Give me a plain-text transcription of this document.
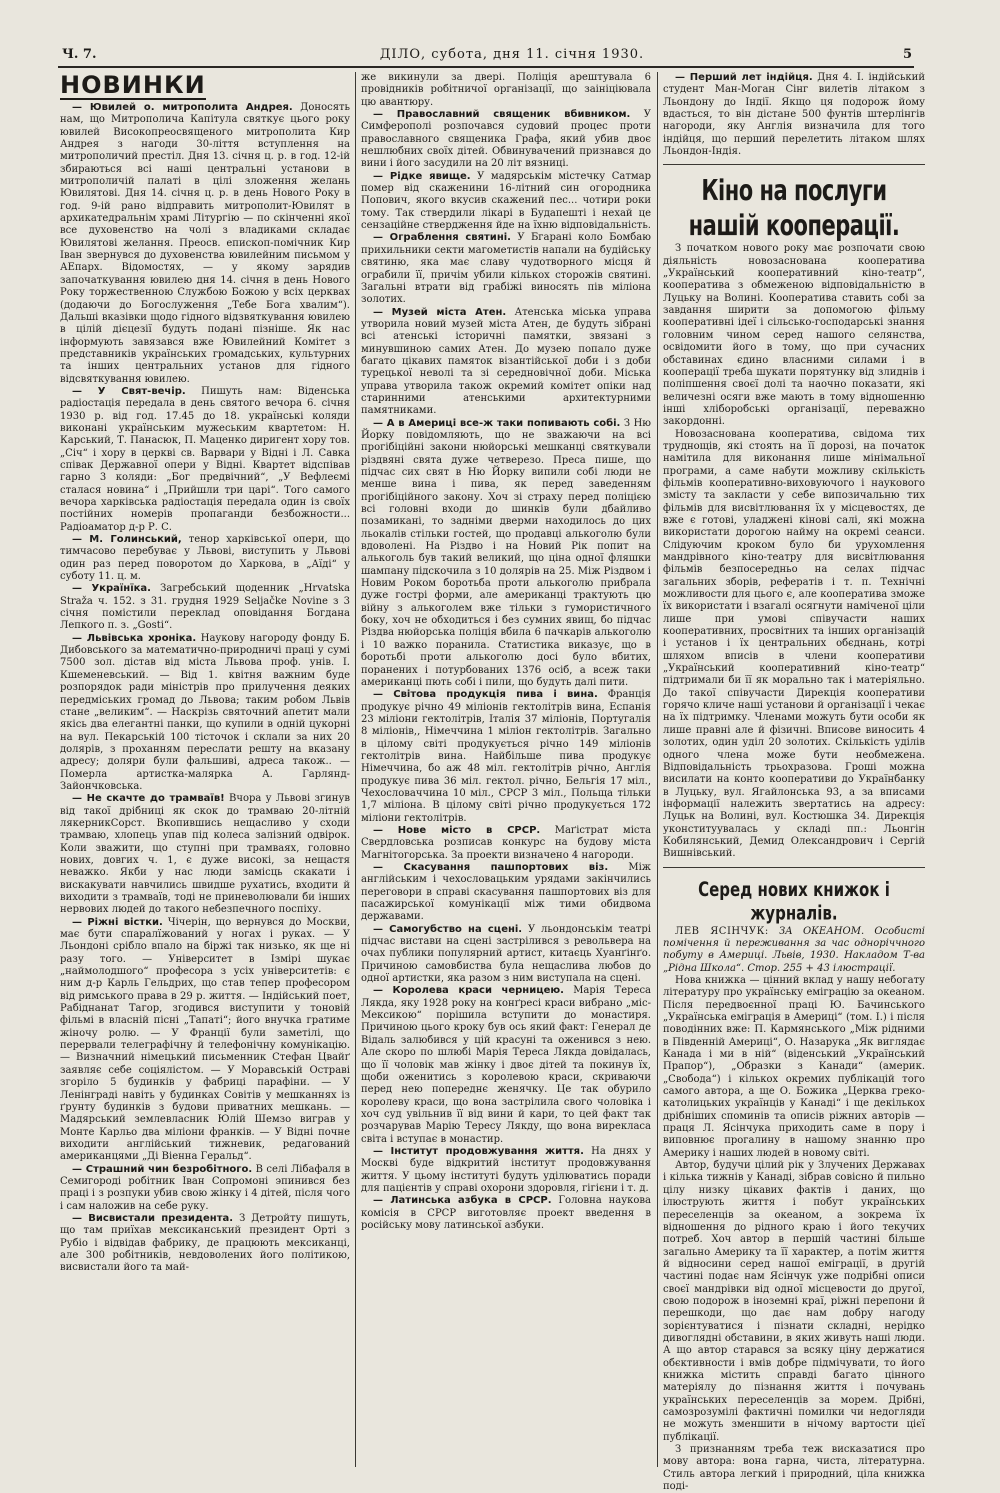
Ч. 7.	ДІЛО, субота, дня 11. січня 1930.	5
НОВИНКИ

— Ювилей о. митрополита Андрея. Доносять нам, що Митрополича Капітула святкує цього року ювилей Високопреосвященого митрополита Кир Андрея з нагоди 30-ліття вступлення на митрополичий престіл. Дня 13. січня ц. р. в год. 12-ій збираються всі наші центральні установи в митрополичій палаті в цілі зложення желань Ювилятові. Дня 14. січня ц. р. в день Нового Року в год. 9-ій рано відправить митрополит-Ювилят в архикатедральнім храмі Літургію — по скінченні якої все духовенство на чолі з владиками складає Ювилятові желання. Преосв. епископ-помічник Кир Іван звернувся до духовенства ювилейним письмом у АЕпарх. Відомостях, — у якому зарядив започаткування ювилею дня 14. січня в день Нового Року торжественною Службою Божою у всіх церквах (додаючи до Богослуження „Тебе Бога хвалим“). Дальші вказівки щодо гідного відзвяткування ювилею в цілій дієцезії будуть подані пізніше. Як нас інформують завязався вже Ювилейний Комітет з представників українських громадських, культурних та інших центральних установ для гідного відсвяткування ювилею.

— У Свят-вечір. Пишуть нам: Віденська радіостація передала в день святого вечора 6. січня 1930 р. від год. 17.45 до 18. українські коляди виконані українським мужеським квартетом: Н. Карський, Т. Панасюк, П. Маценко диригент хору тов. „Січ“ і хору в церкві св. Варвари у Відні і Л. Савка співак Державної опери у Відні. Квартет відспівав гарно 3 коляди: „Бог предвічний“, „У Вефлеємі сталася новина“ і „Прийшли три царі“. Того самого вечора харківська радіостація передала один із своїх постійних номерів пропаганди безбожности... Радіоаматор д-р Р. С.

— М. Голинський, тенор харківської опери, що тимчасово перебуває у Львові, виступить у Львові один раз перед поворотом до Харкова, в „Аїді“ у суботу 11. ц. м.

— Українїка. Загребський щоденник „Hrvatska Straža ч. 152. з 31. грудня 1929 Seljačke Novine з 3 січня помістили переклад оповідання Богдана Лепкого п. з. „Gosti“.

— Львівська хроніка. Наукову нагороду фонду Б. Дибовського за математично-природничі праці у сумі 7500 зол. дістав від міста Львова проф. унів. І. Кшеменевський. — Від 1. квітня важним буде розпорядок ради міністрів про прилучення деяких передміських громад до Львова; таким робом Львів стане „великим“. — Наскрізь святочний апетит мали якісь два елегантні панки, що купили в одній цукорні на вул. Пекарській 100 тісточок і склали за них 20 долярів, з проханням переслати решту на вказану адресу; доляри були фальшиві, адреса також.. — Померла артистка-малярка А. Гарлянд-Зайончковська.

— Не скачте до трамваїв! Вчора у Львові згинув від такої дрібниці як скок до трамваю 20-літній лякерникСорст. Вкопившись нещасливо у сходи трамваю, хлопець упав під колеса залізний одвірок. Коли зважити, що ступні при трамваях, головно нових, довгих ч. 1, є дуже високі, за нещастя неважко. Якби у нас люди замісць скакати і вискакувати навчились швидше рухатись, входити й виходити з трамваїв, тоді не приневолювали би інших нервових людей до такого небезпечного поспіху.

— Ріжні вістки. Чічерін, що вернувся до Москви, має бути спаралїжований у ногах і руках. — У Льондоні срібло впало на біржі так низько, як ще ні разу того. — Університет в Ізмірі шукає „наймолодшого“ професора з усіх університетів: є ним д-р Карль Гельдрих, що став тепер професором від римського права в 29 р. життя. — Індійський поет, Рабіднанат Тагор, згодився виступити у тоновій фільмі в власній пісні „Тапаті“; його внучка гратиме жіночу ролю. — У Франції були заметілі, що перервали телеграфічну й телефонічну комунікацію. — Визначний німецький письменник Стефан Цвайґ заявляє себе соціялістом. — У Моравській Остраві згоріло 5 будинків у фабриці парафіни. — У Ленінграді навіть у будинках Совітів у мешканнях із ґрунту будинків з будови приватних мешкань. — Мадярський землевласник Юлій Шемзо виграв у Монте Карльо два міліони франків. — У Відні почне виходити англійський тижневик, редагований американцями „Ді Віенна Геральд“.

— Страшний чин безробітного. В селі Лібафаля в Семигороді робітник Іван Сопромоні эпинився без праці і з розпуки убив свою жінку і 4 дітей, після чого і сам наложив на себе руку.

— Висвистали президента. З Детройту пишуть, що там приїхав мексиканський президент Орті з Рубіо і відвідав фабрику, де працюють мексиканці, але 300 робітників, невдоволених його політикою, висвистали його та май-

же викинули за двері. Поліція арештувала 6 провідників робітничої організації, що заініціювала цю авантюру.

— Православний священик вбивником. У Симферополі розпочався судовий процес проти православного священика Графа, який убив двоє нешлюбних своїх дітей. Обвинувачений признався до вини і його засудили на 20 літ вязниці.

— Рідке явище. У мадярськім містечку Сатмар помер від скаженини 16-літний син огородника Попович, якого вкусив скажений пес... чотири роки тому. Так ствердили лікарі в Будапешті і нехай це сензаційне ствердження йде на їхню відповідальність.

— Ограблення святині. У Бгарані коло Бомбаю прихильники секти магометистів напали на будійську святиню, яка має славу чудотворного місця й ограбили її, причім убили кількох сторожів святині. Загальні втрати від грабіжі виносять пів міліона золотих.

— Музей міста Атен. Атенська міська управа утворила новий музей міста Атен, де будуть зібрані всі атенські історичні памятки, звязані з минувшиною самих Атен. До музею попало дуже багато цікавих памяток візантійської доби і з доби турецької неволі та зі середновічної доби. Міська управа утворила також окремий комітет опіки над старинними атенськими архитектурними памятниками.

— А в Америці все-ж таки попивають собі. З Ню Йорку повідомляють, що не зважаючи на всі прогібіційні закони нюйорські мешканці святкували різдвяні свята дуже четверезо. Преса пише, що підчас сих свят в Ню Йорку випили собі люди не менше вина і пива, як перед заведенням прогібіційного закону. Хоч зі страху перед поліцією всі головні входи до шинків були дбайливо позамикані, то задніми дверми находилось до цих льокалів стільки гостей, що продавці алькоголю були вдоволені. На Різдво і на Новий Рік попит на алькоголь був такий великий, що ціна одної фляшки шампану підскочила з 10 долярів на 25. Між Різдвом і Новим Роком боротьба проти алькоголю прибрала дуже гострі форми, але американці трактують цю війну з алькоголем вже тільки з гумористичного боку, хоч не обходиться і без сумних явищ, бо підчас Різдва нюйорська поліція вбила 6 пачкарів алькоголю і 10 важко поранила. Статистика виказує, що в боротьбі проти алькоголю досі було вбитих, поранених і потурбованих 1376 осіб, а всеж таки американці пють собі і пили, що будуть далі пити.

— Світова продукція пива і вина. Франція продукує річно 49 міліонів гектолітрів вина, Еспанія 23 міліони гектолітрів, Італія 37 міліонів, Португалія 8 міліонів,, Німеччина 1 міліон гектолітрів. Загально в цілому світі продукується річно 149 міліонів гектолітрів вина. Найбільше пива продукує Німеччина, бо аж 48 міл. гектолітрів річно, Англія продукує пива 36 міл. гектол. річно, Бельгія 17 міл., Чехословаччина 10 міл., СРСР 3 міл., Польща тільки 1,7 міліона. В цілому світі річно продукується 172 міліони гектолітрів.

— Нове місто в СРСР. Маґістрат міста Свердловська розписав конкурс на будову міста Магнітогорська. За проекти визначено 4 нагороди.

— Скасування пашпортових віз. Між англійським і чехословацьким урядами закінчились переговори в справі скасування пашпортових віз для пасажирської комунікації між тими обидвома державами.

— Самогубство на сцені. У льондонськім театрі підчас вистави на сцені застрілився з револьвера на очах публики популярний артист, китаєць Хуанґінґо. Причиною самовбиства була нещаслива любов до одної артистки, яка разом з ним виступала на сцені.

— Королева краси черницею. Марія Тереса Лякда, яку 1928 року на конґресі краси вибрано „міс-Мексикою“ порішила вступити до монастиря. Причиною цього кроку був ось який факт: Генерал де Відаль залюбився у цій красуні та оженився з нею. Але скоро по шлюбі Марія Тереса Лякда довідалась, що її чоловік мав жінку і двоє дітей та покинув їх, щоби оженитись з королевою краси, скриваючи перед нею попереднє женячку. Це так обурило королеву краси, що вона застрілила свого чоловіка і хоч суд увільнив її від вини й кари, то цей факт так розчарував Марію Тересу Лякду, що вона вирекласа світа і вступає в монастир.

— Інститут продовжування життя. На днях у Москві буде відкритий інститут продовжування життя. У цьому інституті будуть уділюватись поради для пацієнтів у справі охорони здоровля, гігієни і т. д.

— Латинська азбука в СРСР. Головна наукова комісія в СРСР виготовляє проект введення в російську мову латинської азбуки.

— Перший лет індійця. Дня 4. І. індійський студент Ман-Моган Сінг вилетів літаком з Льондону до Індії. Якщо ця подорож йому вдасться, то він дістане 500 фунтів штерлінгів нагороди, яку Англія визначила для того індійця, що перший перелетить літаком шлях Льондон-Індія.

Кіно на послуги нашій кооперації.

З початком нового року має розпочати свою діяльність новозаснована кооператива „Український кооперативний кіно-театр“, кооператива з обмеженою відповідальністю в Луцьку на Волині. Кооператива ставить собі за завдання ширити за допомогою фільму кооперативні ідеї і сільсько-господарські знання головним чином серед нашого селянства, освідомити його в тому, що при сучасних обставинах єдино власними силами і в кооперації треба шукати порятунку від злиднів і поліпшення своєї долі та наочно показати, які величезні осяги вже мають в тому відношенню інші хліборобські організації, переважно закордонні.

Новозаснована кооператива, свідома тих труднощів, які стоять на її дорозі, на початок намітила для виконання лише мінімальної програми, а саме набути можливу скількість фільмів кооперативно-виховуючого і наукового змісту та закласти у себе випозичальню тих фільмів для висвітлювання їх у місцевостях, де вже є готові, уладжені кінові салі, які можна використати дорогою найму на окремі сеанси. Слідуючим кроком було би урухомлення мандрівного кіно-театру для висвітлювання фільмів безпосередньо на селах підчас загальних зборів, рефератів і т. п. Технічні можливости для цього є, але кооператива зможе їх використати і взагалі осягнути наміченої ціли лише при умові співучасти наших кооперативних, просвітних та інших організацій і установ і їх центральних обєднань, котрі шляхом вписів в члени кооперативи „Український кооперативний кіно-театр“ підтримали би її як морально так і матеріяльно. До такої співучасти Дирекція кооперативи горячо кличе наші установи й організації і чекає на їх підтримку. Членами можуть бути особи як лише правні але й фізичні. Вписове виносить 4 золотих, один уділ 20 золотих. Скількість уділів одного члена може бути необмежена. Відповідальність трьохразова. Гроші можна висилати на конто кооперативи до Українбанку в Луцьку, вул. Ягайлонська 93, а за вписами інформації належить звертатись на адресу: Луцьк на Волині, вул. Костюшка 34. Дирекція уконституувалась у складі пп.: Льонгін Кобилянський, Демид Олександрович і Сергій Вишнівський.

Серед нових книжок і журналів.

ЛЕВ ЯСІНЧУК: ЗА ОКЕАНОМ. Особисті помічення й переживання за час одноріччного побуту в Америці. Львів, 1930. Накладом Т-ва „Рідна Школа“. Стор. 255 + 43 ілюстрації.

Нова книжка — цінний вклад у нашу небогату літературу про українську еміграцію за океаном. Після передвоєнної праці Ю. Бачинського „Українська еміграція в Америці“ (том. І.) і після поводінних вже: П. Кармянського „Між рідними в Південній Америці“, О. Назарука „Як виглядає Канада і ми в ній“ (віденський „Український Прапор“), „Образки з Канади“ (америк. „Свобода“) і кількох окремих публікацій того самого автора, а ще О. Божика „Церква греко-католицьких українців у Канаді“ і ще декількох дрібніших споминів та описів ріжних авторів — праця Л. Ясінчука приходить саме в пору і виповнює прогалину в нашому знанню про Америку і наших людей в новому світі.

Автор, будучи цілий рік у Злучених Державах і кілька тижнів у Канаді, зібрав совісно й пильно цілу низку цікавих фактів і даних, що ілюструють життя і побут українських переселенців за океаном, а зокрема їх відношення до рідного краю і його текучих потреб. Хоч автор в першій частині більше загально Америку та її характер, а потім життя й відносини серед нашої еміграції, в другій частині подає нам Ясінчук уже подрібні описи своєї мандрівки від одної місцевости до другої, свою подорож в іноземні краї, ріжні перепони й перешкоди, що дає нам добру нагоду зорієнтуватися і пізнати складні, нерідко дивоглядні обставини, в яких живуть наші люди. А що автор старався за всяку ціну держатися обєктивности і вмів добре підмічувати, то його книжка містить справді багато цінного матеріялу до пізнання життя і почувань українських переселенців за морем. Дрібні, самозрозумілі фактичні помилки чи недогляди не можуть зменшити в нічому вартости цієї публікації.

З признанням треба теж висказатися про мову автора: вона гарна, чиста, літературна. Стиль автора легкий і природний, ціла книжка подi-
